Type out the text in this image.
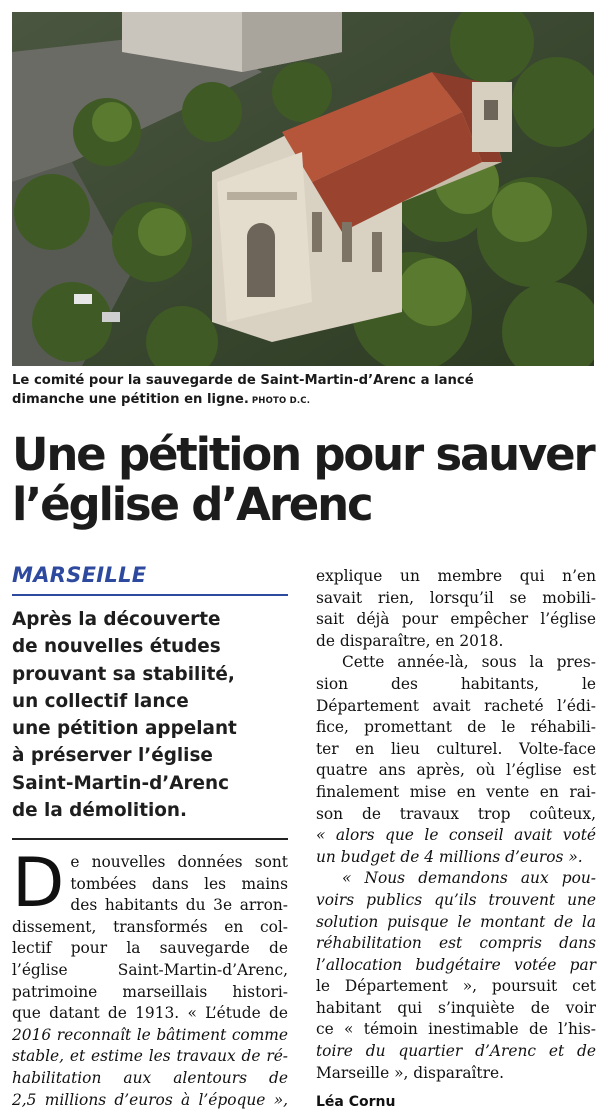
Le comité pour la sauvegarde de Saint-Martin-d’Arenc a lancé
dimanche une pétition en ligne. PHOTO D.C.
Une pétition pour sauver
l’église d’Arenc
MARSEILLE
Après la découverte
de nouvelles études
prouvant sa stabilité,
un collectif lance
une pétition appelant
à préserver l’église
Saint-Martin-d’Arenc
de la démolition.
D e nouvelles données sont
tombées dans les mains
des habitants du 3e arron-
dissement, transformés en col-
lectif pour la sauvegarde de
l’église Saint-Martin-d’Arenc,
patrimoine marseillais histori-
que datant de 1913. « L’étude de
2016 reconnaît le bâtiment comme
stable, et estime les travaux de ré-
habilitation aux alentours de
2,5 millions d’euros à l’époque »,
explique un membre qui n’en
savait rien, lorsqu’il se mobili-
sait déjà pour empêcher l’église
de disparaître, en 2018.
Cette année-là, sous la pres-
sion des habitants, le
Département avait racheté l’édi-
fice, promettant de le réhabili-
ter en lieu culturel. Volte-face
quatre ans après, où l’église est
finalement mise en vente en rai-
son de travaux trop coûteux,
« alors que le conseil avait voté
un budget de 4 millions d’euros ».
« Nous demandons aux pou-
voirs publics qu’ils trouvent une
solution puisque le montant de la
réhabilitation est compris dans
l’allocation budgétaire votée par
le Département », poursuit cet
habitant qui s’inquiète de voir
ce « témoin inestimable de l’his-
toire du quartier d’Arenc et de
Marseille », disparaître.
Léa Cornu
